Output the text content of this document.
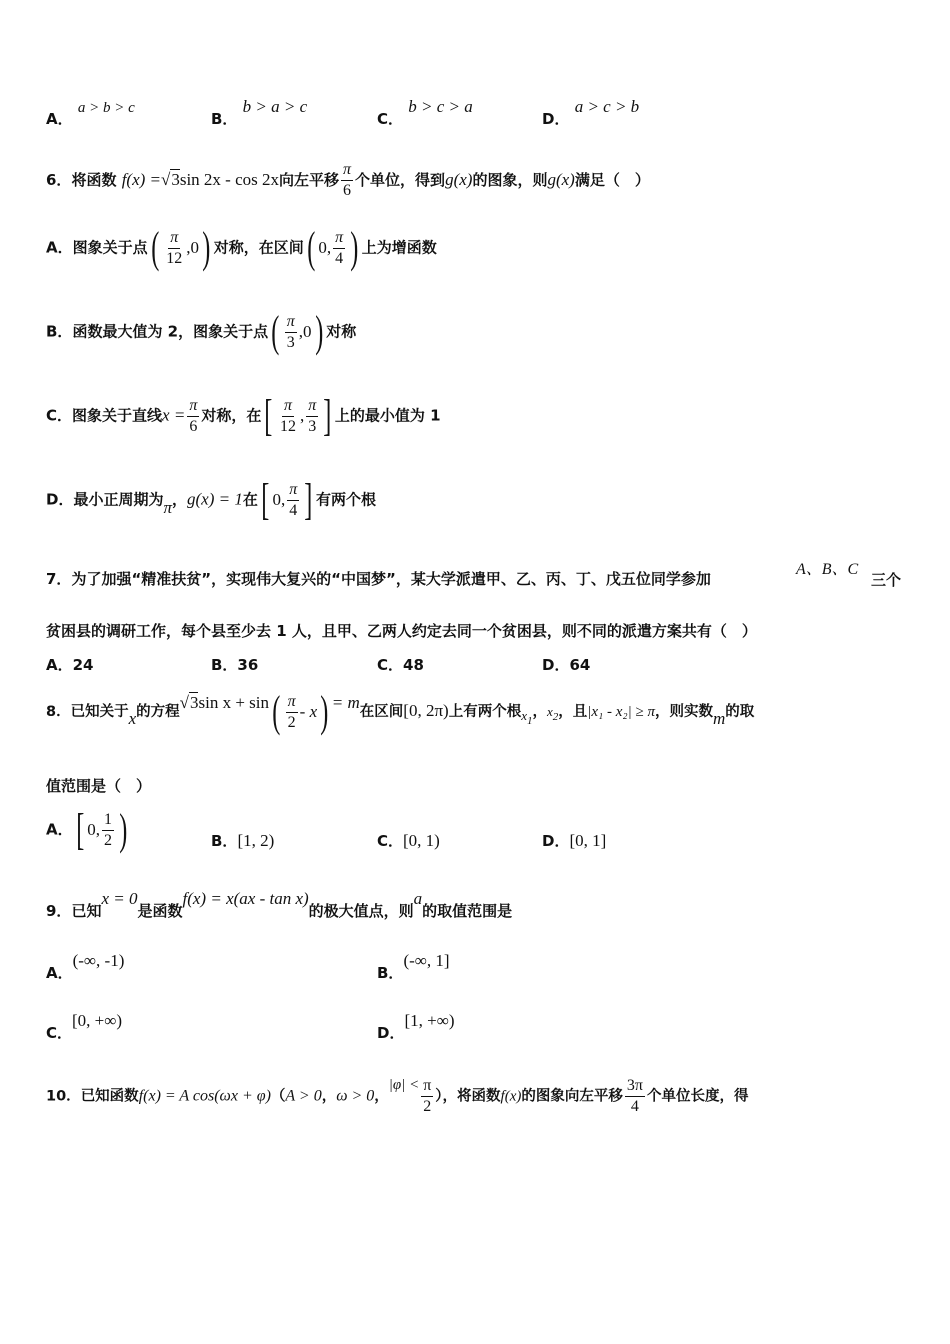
A． a > b > c
B． b > a > c
C． b > c > a
D． a > c > b
6．将函数 f(x) =√3sin 2x - cos 2x向左平移 $\frac{\pi}{6}$ 个单位，得到g(x)的图象，则g(x)满足（　）
A．图象关于点 ( $\frac{\pi}{12} ,0$ ) 对称，在区间 ( 0, $\frac{\pi}{4}$ ) 上为增函数
B．函数最大值为 2，图象关于点 ( $\frac{\pi}{3} ,0$ ) 对称
C．图象关于直线$x = \frac{\pi}{6}$ 对称，在 [ $\frac{\pi}{12}$ , $\frac{\pi}{3}$ ] 上的最小值为 1
D．最小正周期为π，g(x) = 1在 [ 0, $\frac{\pi}{4}$ ] 有两个根
7．为了加强“精准扶贫”，实现伟大复兴的“中国梦”，某大学派遣甲、乙、丙、丁、戊五位同学参加
A、B、C
三个
贫困县的调研工作，每个县至少去 1 人，且甲、乙两人约定去同一个贫困县，则不同的派遣方案共有（　）
A．24	B．36	C．48	D．64
8．已知关于x的方程√3sin x + sin ( $\frac{\pi}{2}$ - x ) = m在区间[0, 2π)上有两个根$x_1$，$x_2$，且|x₁ - x₂| ≥ π，则实数m的取
值范围是（　）
A． [ 0, $\frac{1}{2}$ )	B．[1, 2)	C．[0, 1)	D．[0, 1]
9．已知x = 0是函数f(x) = x(ax - tan x)的极大值点，则a的取值范围是
A．(-∞, -1)
B．(-∞, 1]
C．[0, +∞)
D．[1, +∞)
10．已知函数f(x) = A cos(ωx + φ)（A > 0，ω > 0，$|\varphi| < \frac{\pi}{2}$ ），将函数f(x)的图象向左平移 $\frac{3\pi}{4}$ 个单位长度，得
